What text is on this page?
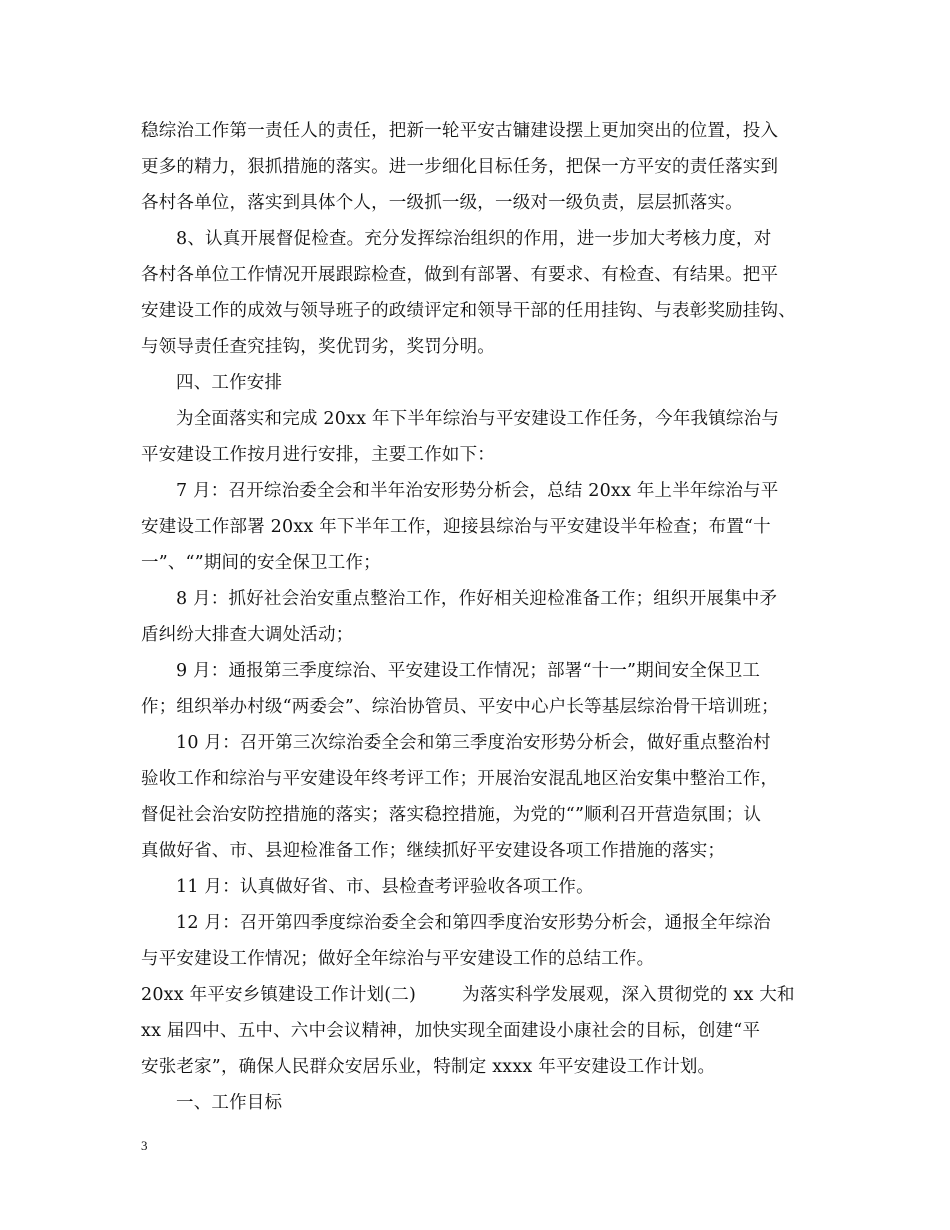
稳综治工作第一责任人的责任，把新一轮平安古镛建设摆上更加突出的位置，投入
更多的精力，狠抓措施的落实。进一步细化目标任务，把保一方平安的责任落实到
各村各单位，落实到具体个人，一级抓一级，一级对一级负责，层层抓落实。
8、认真开展督促检查。充分发挥综治组织的作用，进一步加大考核力度，对
各村各单位工作情况开展跟踪检查，做到有部署、有要求、有检查、有结果。把平
安建设工作的成效与领导班子的政绩评定和领导干部的任用挂钩、与表彰奖励挂钩、
与领导责任查究挂钩，奖优罚劣，奖罚分明。
四、工作安排
为全面落实和完成 20xx 年下半年综治与平安建设工作任务，今年我镇综治与
平安建设工作按月进行安排，主要工作如下：
7 月：召开综治委全会和半年治安形势分析会，总结 20xx 年上半年综治与平
安建设工作部署 20xx 年下半年工作，迎接县综治与平安建设半年检查；布置“十
一”、“”期间的安全保卫工作；
8 月：抓好社会治安重点整治工作，作好相关迎检准备工作；组织开展集中矛
盾纠纷大排查大调处活动；
9 月：通报第三季度综治、平安建设工作情况；部署“十一”期间安全保卫工
作；组织举办村级“两委会”、综治协管员、平安中心户长等基层综治骨干培训班；
10 月：召开第三次综治委全会和第三季度治安形势分析会，做好重点整治村
验收工作和综治与平安建设年终考评工作；开展治安混乱地区治安集中整治工作，
督促社会治安防控措施的落实；落实稳控措施，为党的“”顺利召开营造氛围；认
真做好省、市、县迎检准备工作；继续抓好平安建设各项工作措施的落实；
11 月：认真做好省、市、县检查考评验收各项工作。
12 月：召开第四季度综治委全会和第四季度治安形势分析会，通报全年综治
与平安建设工作情况；做好全年综治与平安建设工作的总结工作。
20xx 年平安乡镇建设工作计划(二)        为落实科学发展观，深入贯彻党的 xx 大和
xx 届四中、五中、六中会议精神，加快实现全面建设小康社会的目标，创建“平
安张老家”，确保人民群众安居乐业，特制定 xxxx 年平安建设工作计划。
一、工作目标
3
